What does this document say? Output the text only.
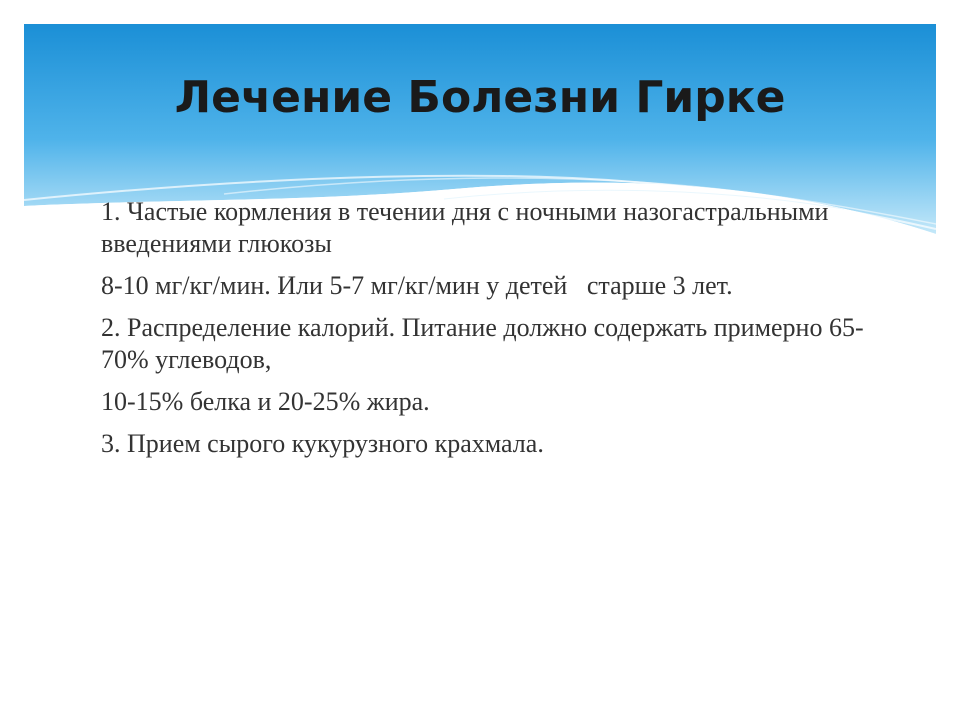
Лечение Болезни Гирке

1. Частые кормления в течении дня с ночными назогастральными введениями глюкозы

8-10 мг/кг/мин. Или 5-7 мг/кг/мин у детей   старше 3 лет.

2. Распределение калорий. Питание должно содержать примерно 65-70% углеводов,

10-15% белка и 20-25% жира.

3. Прием сырого кукурузного крахмала.
